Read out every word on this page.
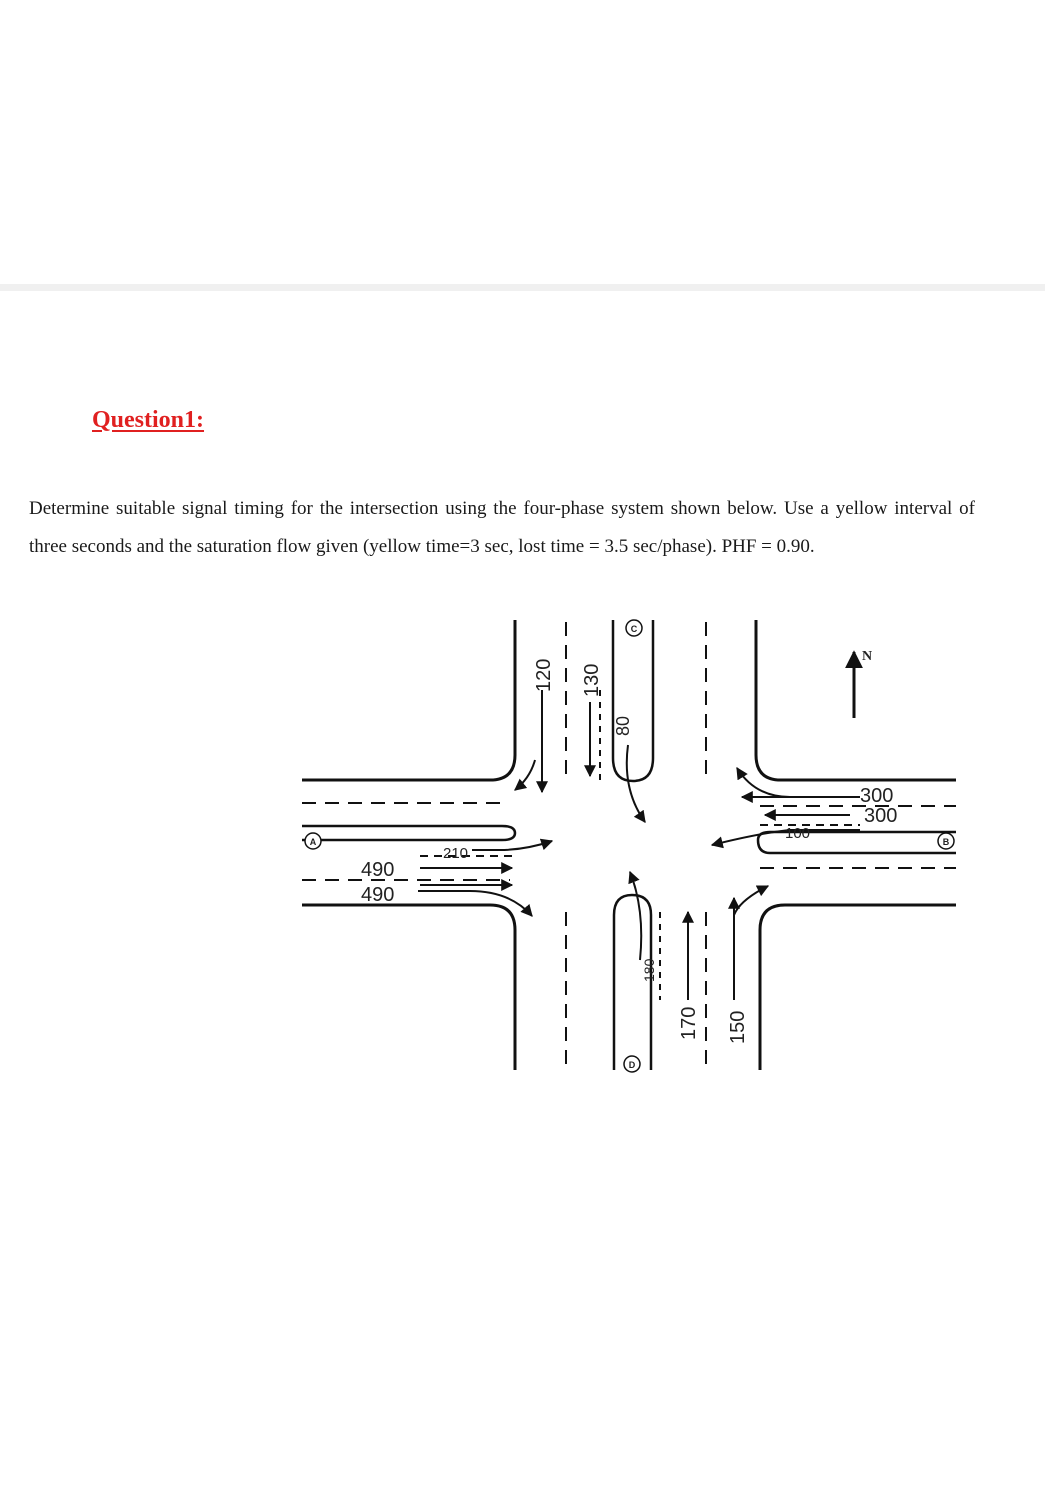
Question1:

Determine suitable signal timing for the intersection using the four-phase system shown below. Use a yellow interval of three seconds and the saturation flow given (yellow time=3 sec, lost time = 3.5 sec/phase). PHF = 0.90.

N
A	B
C
D
210
490
490
300
300
100
120 130
80
180
170 150
